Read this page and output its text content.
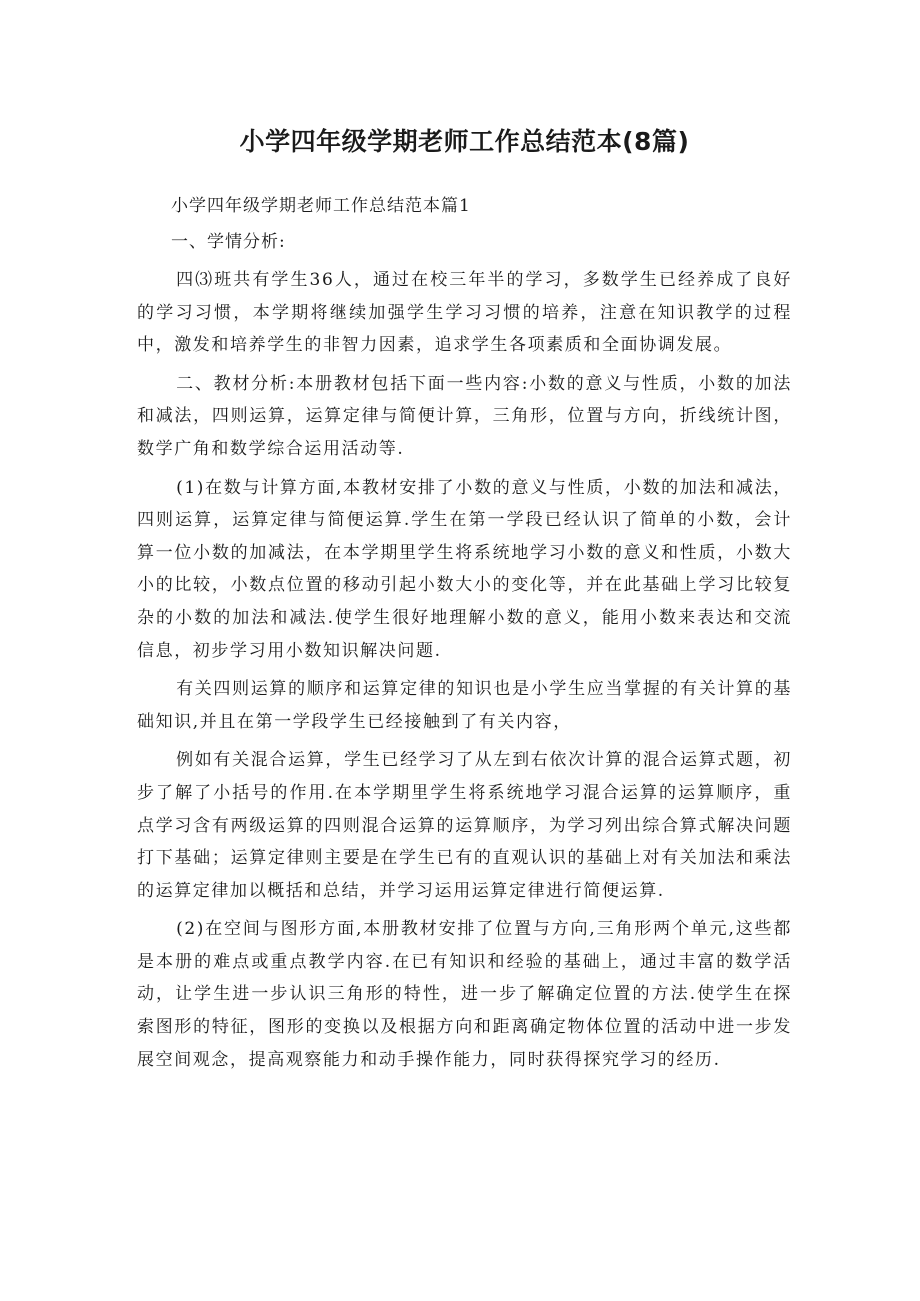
小学四年级学期老师工作总结范本(8篇)

小学四年级学期老师工作总结范本篇1

一、学情分析:

四⑶班共有学生36人，通过在校三年半的学习，多数学生已经养成了良好的学习习惯，本学期将继续加强学生学习习惯的培养，注意在知识教学的过程中，激发和培养学生的非智力因素，追求学生各项素质和全面协调发展。

二、教材分析:本册教材包括下面一些内容:小数的意义与性质，小数的加法和减法，四则运算，运算定律与简便计算，三角形，位置与方向，折线统计图，数学广角和数学综合运用活动等.

(1)在数与计算方面,本教材安排了小数的意义与性质，小数的加法和减法，四则运算，运算定律与简便运算.学生在第一学段已经认识了简单的小数，会计算一位小数的加减法，在本学期里学生将系统地学习小数的意义和性质，小数大小的比较，小数点位置的移动引起小数大小的变化等，并在此基础上学习比较复杂的小数的加法和减法.使学生很好地理解小数的意义，能用小数来表达和交流信息，初步学习用小数知识解决问题.

有关四则运算的顺序和运算定律的知识也是小学生应当掌握的有关计算的基础知识,并且在第一学段学生已经接触到了有关内容，

例如有关混合运算，学生已经学习了从左到右依次计算的混合运算式题，初步了解了小括号的作用.在本学期里学生将系统地学习混合运算的运算顺序，重点学习含有两级运算的四则混合运算的运算顺序，为学习列出综合算式解决问题打下基础；运算定律则主要是在学生已有的直观认识的基础上对有关加法和乘法的运算定律加以概括和总结，并学习运用运算定律进行简便运算.

(2)在空间与图形方面,本册教材安排了位置与方向,三角形两个单元,这些都是本册的难点或重点教学内容.在已有知识和经验的基础上，通过丰富的数学活动，让学生进一步认识三角形的特性，进一步了解确定位置的方法.使学生在探索图形的特征，图形的变换以及根据方向和距离确定物体位置的活动中进一步发展空间观念，提高观察能力和动手操作能力，同时获得探究学习的经历.
